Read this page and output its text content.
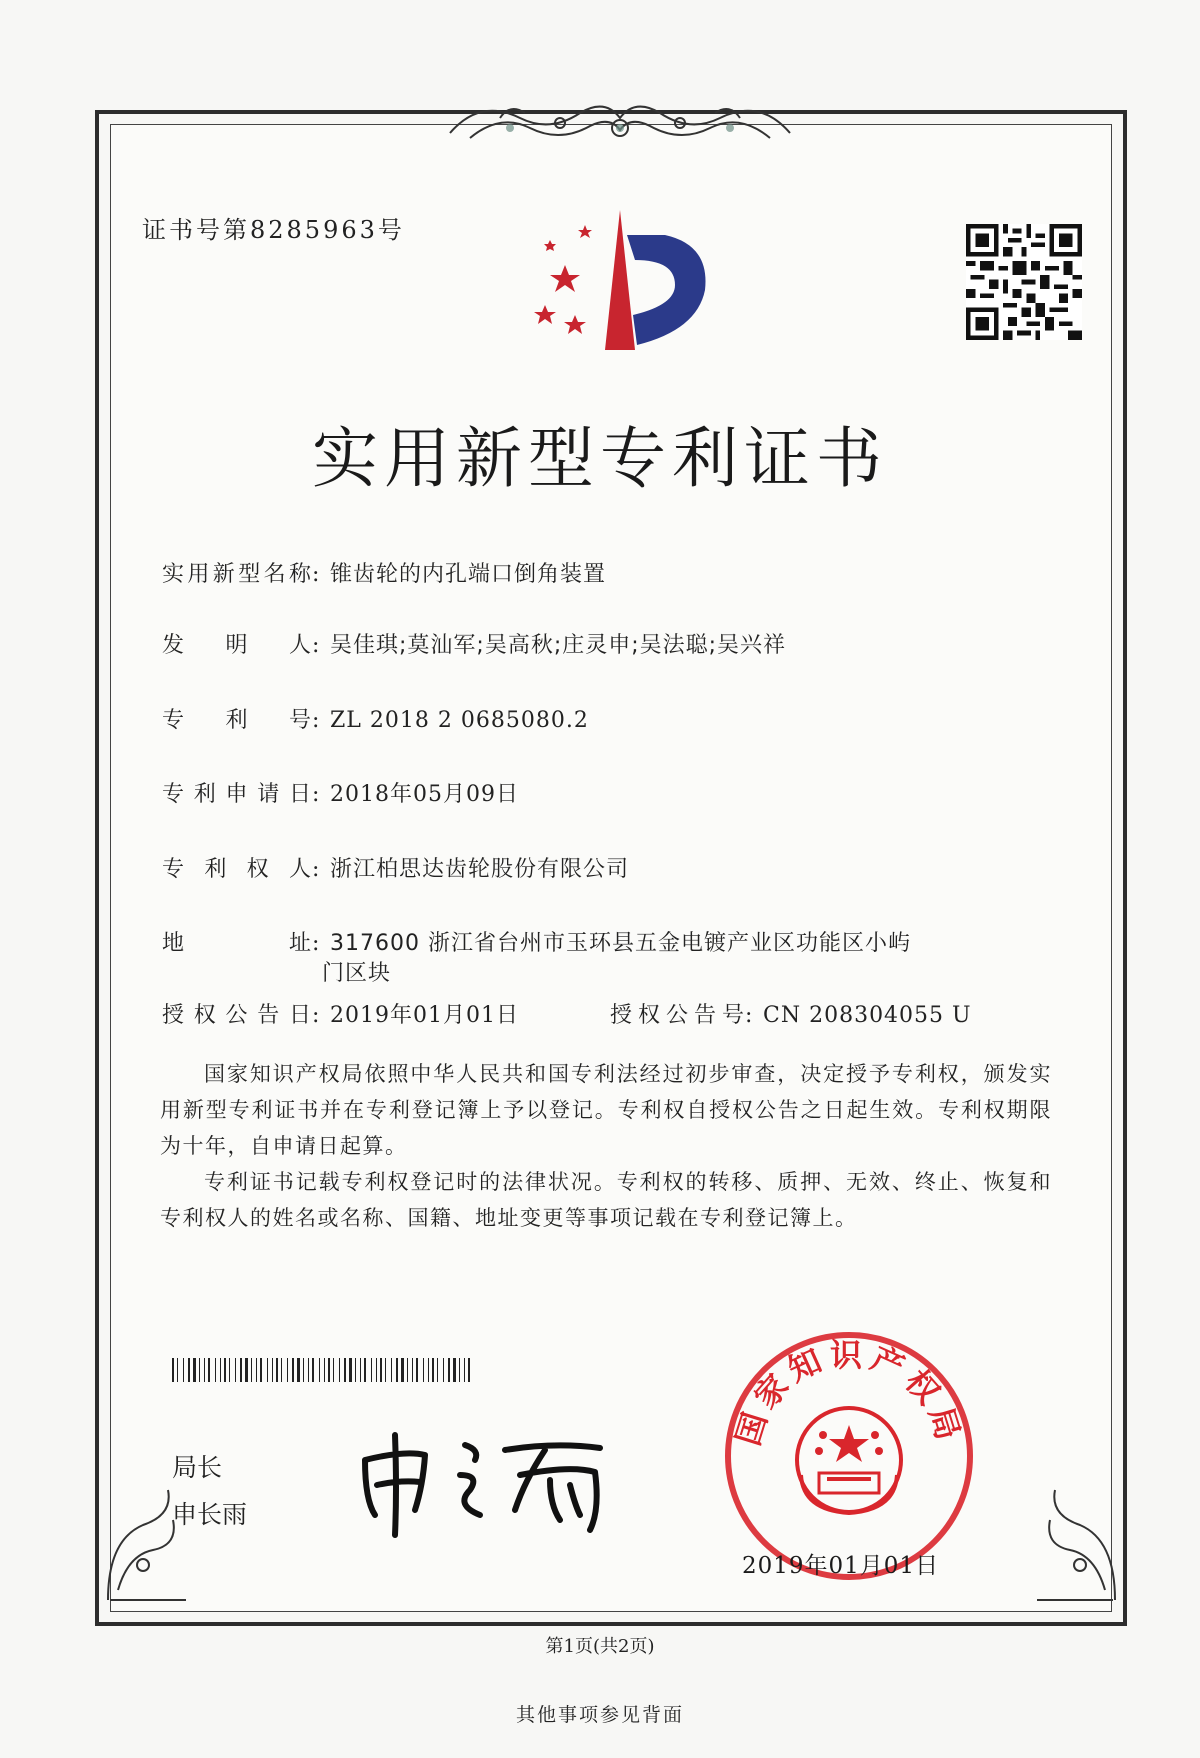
证书号第8285963号
实用新型专利证书
实用新型名称: 锥齿轮的内孔端口倒角装置
发明人: 吴佳琪;莫汕军;吴高秋;庄灵申;吴法聪;吴兴祥
专利号: ZL 2018 2 0685080.2
专利申请日: 2018年05月09日
专利权人: 浙江柏思达齿轮股份有限公司
地址: 317600 浙江省台州市玉环县五金电镀产业区功能区小屿
门区块
授权公告日: 2019年01月01日	授权公告号: CN 208304055 U
国家知识产权局依照中华人民共和国专利法经过初步审查，决定授予专利权，颁发实用新型专利证书并在专利登记簿上予以登记。专利权自授权公告之日起生效。专利权期限为十年，自申请日起算。
专利证书记载专利权登记时的法律状况。专利权的转移、质押、无效、终止、恢复和专利权人的姓名或名称、国籍、地址变更等事项记载在专利登记簿上。
局长
申长雨
国家知识产权局
2019年01月01日
第1页(共2页)
其他事项参见背面
